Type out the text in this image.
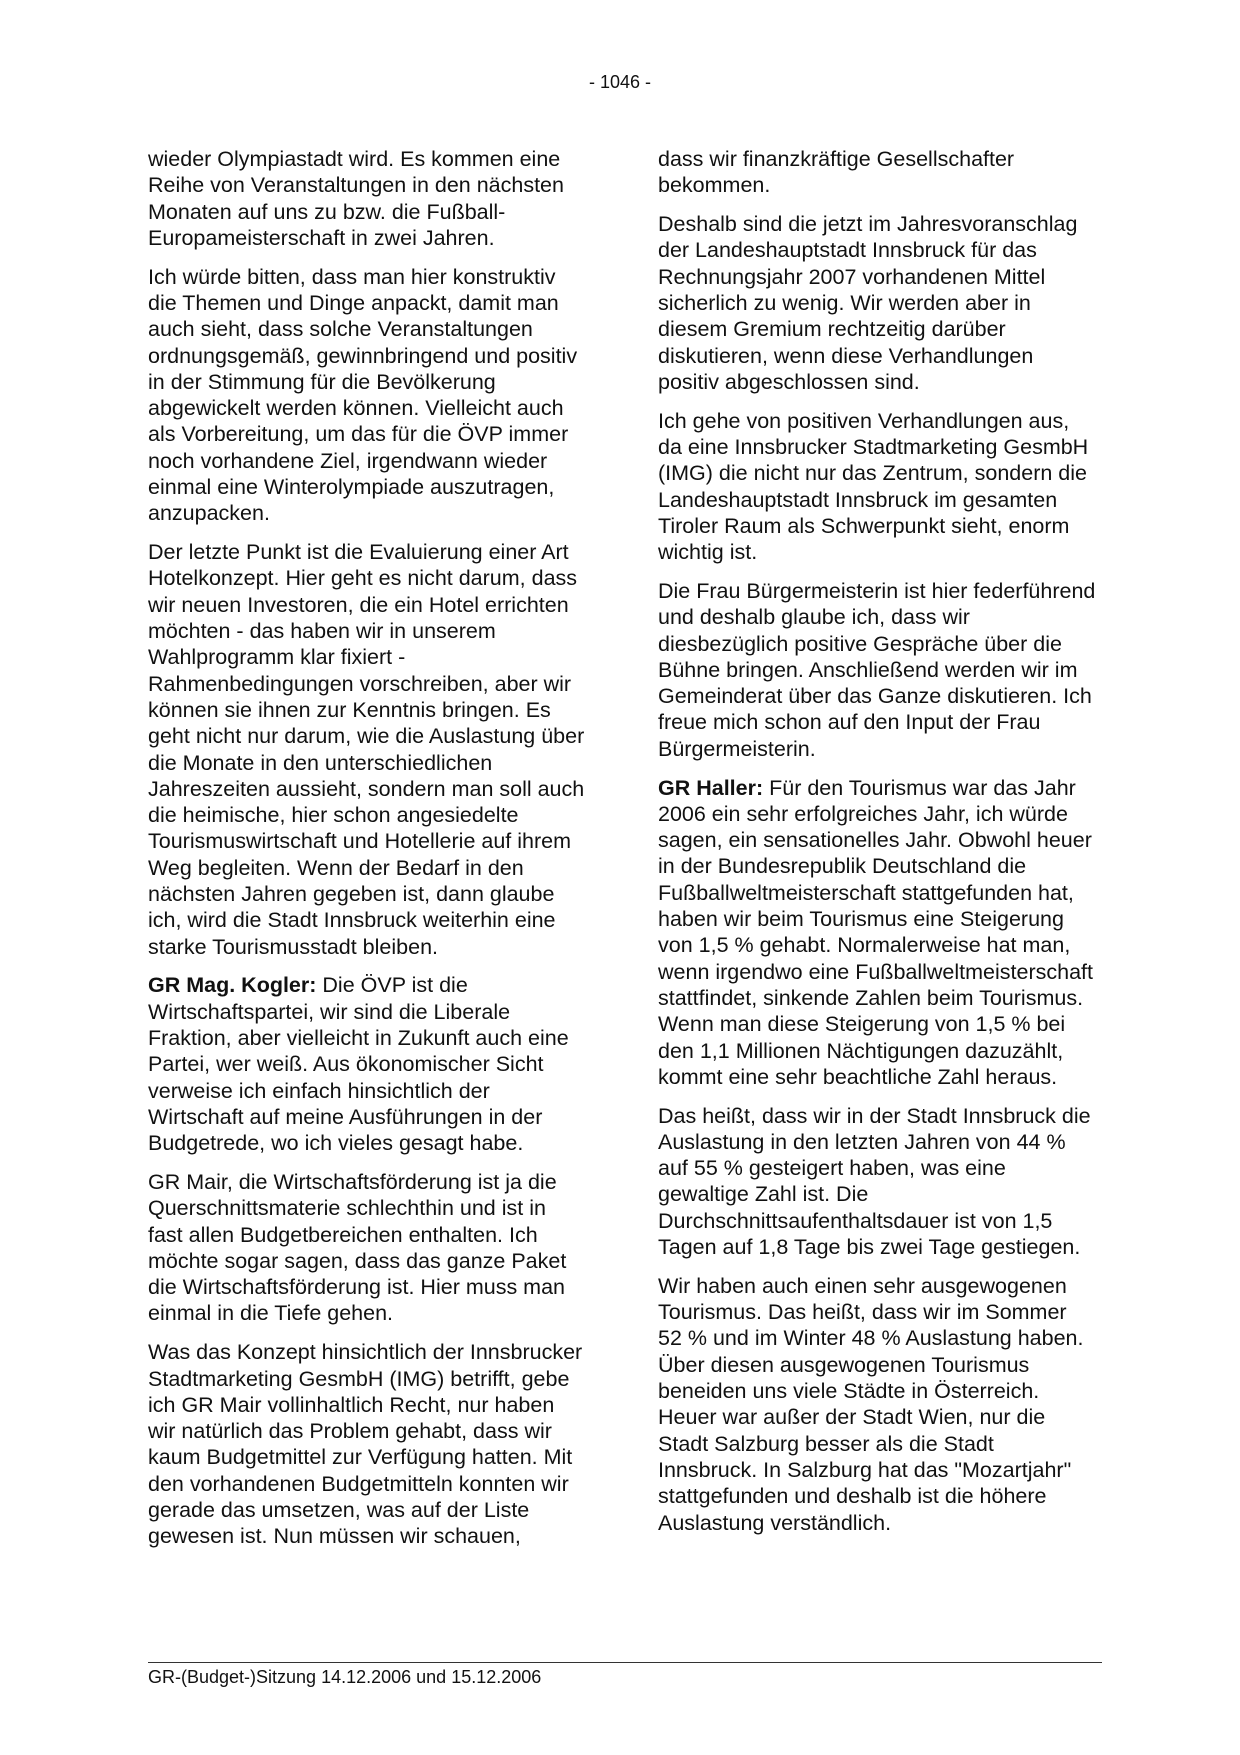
- 1046 -

wieder Olympiastadt wird. Es kommen eine Reihe von Veranstaltungen in den nächsten Monaten auf uns zu bzw. die Fußball-Europameisterschaft in zwei Jahren.

Ich würde bitten, dass man hier konstruktiv die Themen und Dinge anpackt, damit man auch sieht, dass solche Veranstaltungen ordnungsgemäß, gewinnbringend und positiv in der Stimmung für die Bevölkerung abgewickelt werden können. Vielleicht auch als Vorbereitung, um das für die ÖVP immer noch vorhandene Ziel, irgendwann wieder einmal eine Winterolympiade auszutragen, anzupacken.

Der letzte Punkt ist die Evaluierung einer Art Hotelkonzept. Hier geht es nicht darum, dass wir neuen Investoren, die ein Hotel errichten möchten - das haben wir in unserem Wahlprogramm klar fixiert - Rahmenbedingungen vorschreiben, aber wir können sie ihnen zur Kenntnis bringen. Es geht nicht nur darum, wie die Auslastung über die Monate in den unterschiedlichen Jahreszeiten aussieht, sondern man soll auch die heimische, hier schon angesiedelte Tourismuswirtschaft und Hotellerie auf ihrem Weg begleiten. Wenn der Bedarf in den nächsten Jahren gegeben ist, dann glaube ich, wird die Stadt Innsbruck weiterhin eine starke Tourismusstadt bleiben.

GR Mag. Kogler: Die ÖVP ist die Wirtschaftspartei, wir sind die Liberale Fraktion, aber vielleicht in Zukunft auch eine Partei, wer weiß. Aus ökonomischer Sicht verweise ich einfach hinsichtlich der Wirtschaft auf meine Ausführungen in der Budgetrede, wo ich vieles gesagt habe.

GR Mair, die Wirtschaftsförderung ist ja die Querschnittsmaterie schlechthin und ist in fast allen Budgetbereichen enthalten. Ich möchte sogar sagen, dass das ganze Paket die Wirtschaftsförderung ist. Hier muss man einmal in die Tiefe gehen.

Was das Konzept hinsichtlich der Innsbrucker Stadtmarketing GesmbH (IMG) betrifft, gebe ich GR Mair vollinhaltlich Recht, nur haben wir natürlich das Problem gehabt, dass wir kaum Budgetmittel zur Verfügung hatten. Mit den vorhandenen Budgetmitteln konnten wir gerade das umsetzen, was auf der Liste gewesen ist. Nun müssen wir schauen,

dass wir finanzkräftige Gesellschafter bekommen.

Deshalb sind die jetzt im Jahresvoranschlag der Landeshauptstadt Innsbruck für das Rechnungsjahr 2007 vorhandenen Mittel sicherlich zu wenig. Wir werden aber in diesem Gremium rechtzeitig darüber diskutieren, wenn diese Verhandlungen positiv abgeschlossen sind.

Ich gehe von positiven Verhandlungen aus, da eine Innsbrucker Stadtmarketing GesmbH (IMG) die nicht nur das Zentrum, sondern die Landeshauptstadt Innsbruck im gesamten Tiroler Raum als Schwerpunkt sieht, enorm wichtig ist.

Die Frau Bürgermeisterin ist hier federführend und deshalb glaube ich, dass wir diesbezüglich positive Gespräche über die Bühne bringen. Anschließend werden wir im Gemeinderat über das Ganze diskutieren. Ich freue mich schon auf den Input der Frau Bürgermeisterin.

GR Haller: Für den Tourismus war das Jahr 2006 ein sehr erfolgreiches Jahr, ich würde sagen, ein sensationelles Jahr. Obwohl heuer in der Bundesrepublik Deutschland die Fußballweltmeisterschaft stattgefunden hat, haben wir beim Tourismus eine Steigerung von 1,5 % gehabt. Normalerweise hat man, wenn irgendwo eine Fußballweltmeisterschaft stattfindet, sinkende Zahlen beim Tourismus. Wenn man diese Steigerung von 1,5 % bei den 1,1 Millionen Nächtigungen dazuzählt, kommt eine sehr beachtliche Zahl heraus.

Das heißt, dass wir in der Stadt Innsbruck die Auslastung in den letzten Jahren von 44 % auf 55 % gesteigert haben, was eine gewaltige Zahl ist. Die Durchschnittsaufenthaltsdauer ist von 1,5 Tagen auf 1,8 Tage bis zwei Tage gestiegen.

Wir haben auch einen sehr ausgewogenen Tourismus. Das heißt, dass wir im Sommer 52 % und im Winter 48 % Auslastung haben. Über diesen ausgewogenen Tourismus beneiden uns viele Städte in Österreich. Heuer war außer der Stadt Wien, nur die Stadt Salzburg besser als die Stadt Innsbruck. In Salzburg hat das "Mozartjahr" stattgefunden und deshalb ist die höhere Auslastung verständlich.

GR-(Budget-)Sitzung 14.12.2006 und 15.12.2006
